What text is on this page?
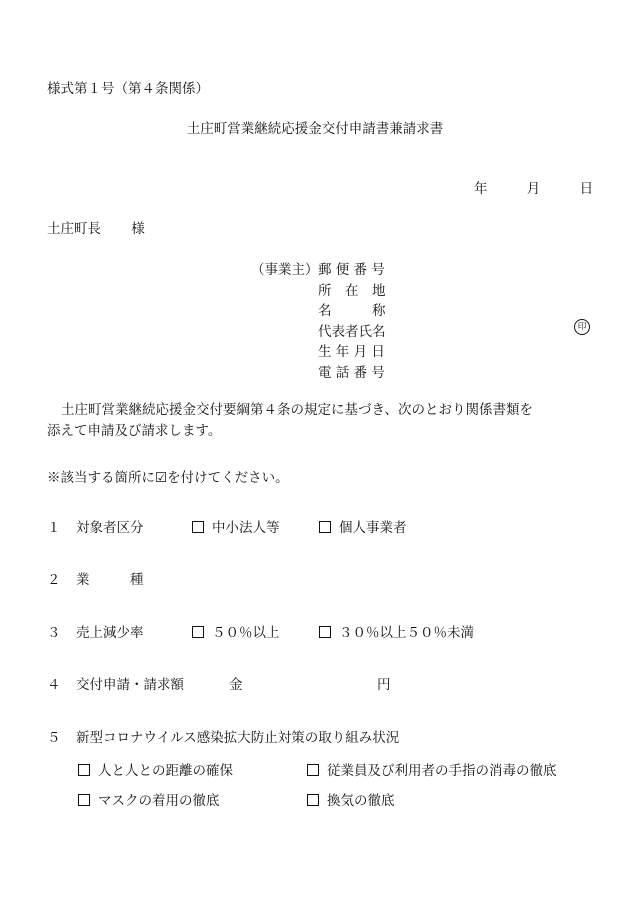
様式第１号（第４条関係）
土庄町営業継続応援金交付申請書兼請求書
年	月	日
土庄町長 様
（事業主） 郵 便 番 号
所　在　地
名　　　称
代表者氏名
生 年 月 日
電 話 番 号
印

土庄町営業継続応援金交付要綱第４条の規定に基づき、次のとおり関係書類を

添えて申請及び請求します。

※該当する箇所に☑を付けてください。
１ 対象者区分	中小法人等	個人事業者
２ 業　　　種
３ 売上減少率	５０％以上	３０％以上５０％未満
４ 交付申請・請求額	金	円
５ 新型コロナウイルス感染拡大防止対策の取り組み状況
人と人との距離の確保	従業員及び利用者の手指の消毒の徹底
マスクの着用の徹底	換気の徹底
